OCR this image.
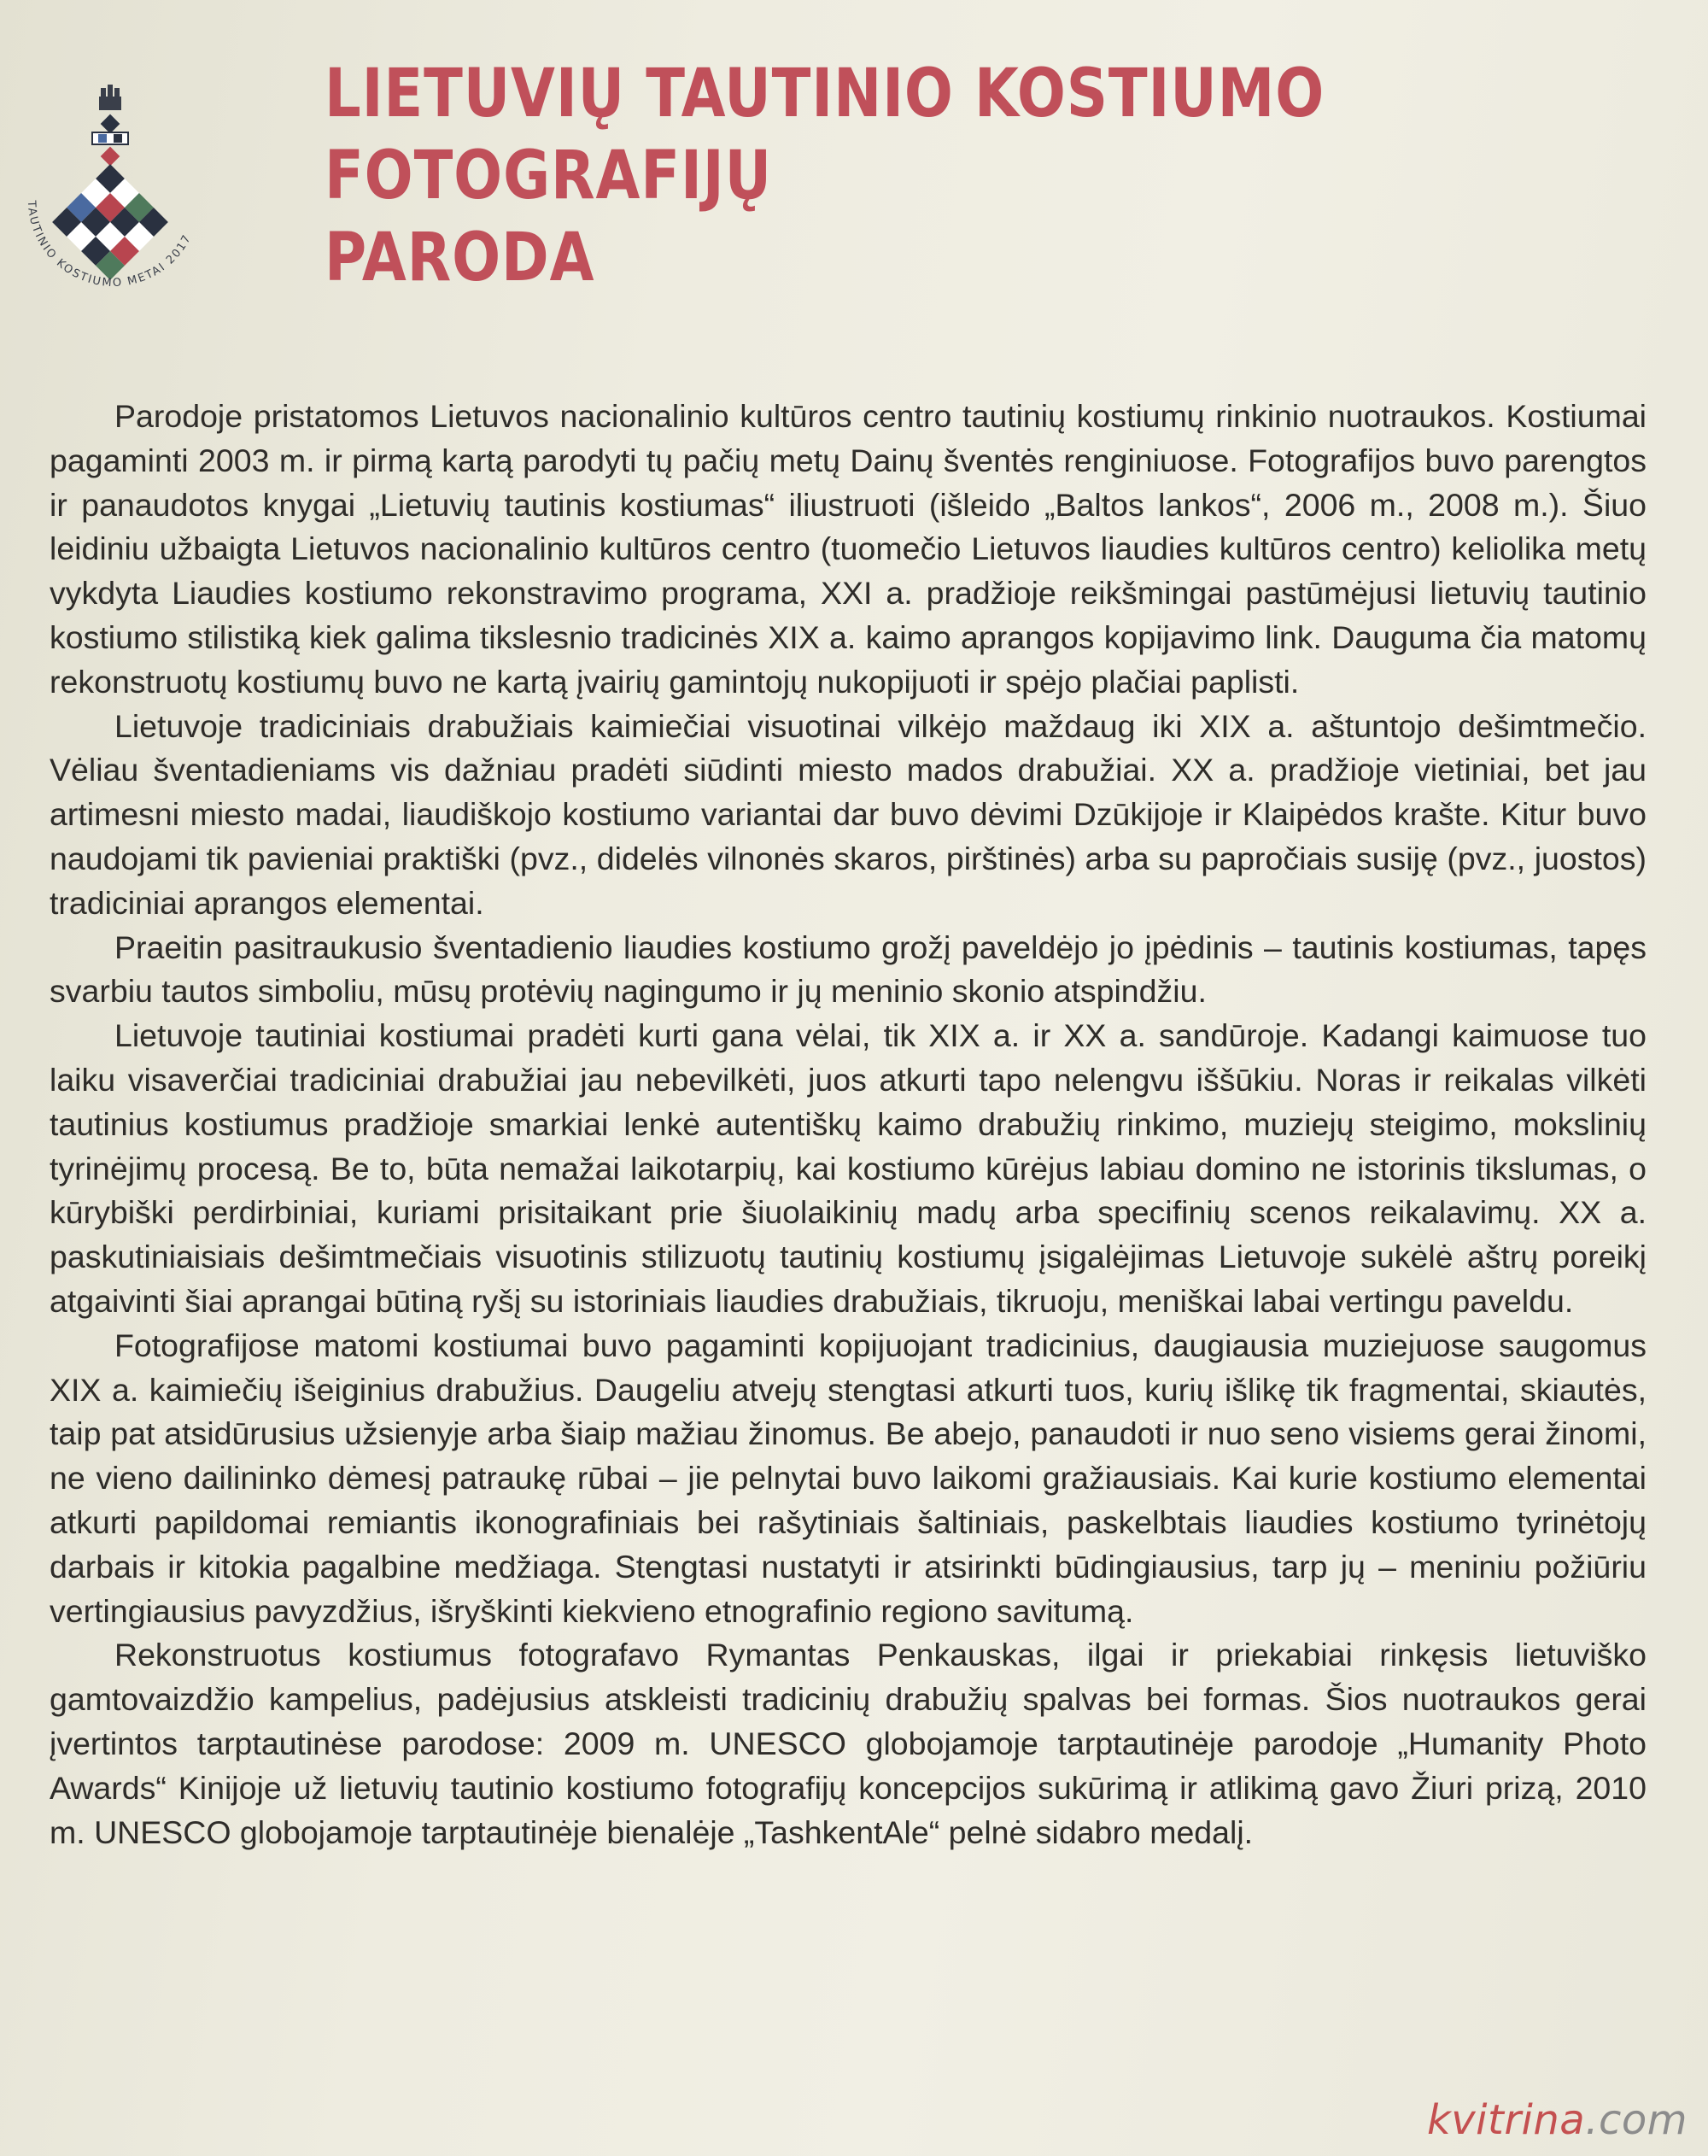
TAUTINIO KOSTIUMO METAI 2017
LIETUVIŲ TAUTINIO KOSTIUMO
FOTOGRAFIJŲ
PARODA

Parodoje pristatomos Lietuvos nacionalinio kultūros centro tautinių kostiumų rinkinio nuotraukos. Kostiumai pagaminti 2003 m. ir pirmą kartą parodyti tų pačių metų Dainų šventės renginiuose. Fotografijos buvo parengtos ir panaudotos knygai „Lietuvių tautinis kostiumas“ iliustruoti (išleido „Baltos lankos“, 2006 m., 2008 m.). Šiuo leidiniu užbaigta Lietuvos nacionalinio kultūros centro (tuomečio Lietuvos liaudies kultūros centro) keliolika metų vykdyta Liaudies kostiumo rekonstravimo programa, XXI a. pradžioje reikšmingai pastūmėjusi lietuvių tautinio kostiumo stilistiką kiek galima tikslesnio tradicinės XIX a. kaimo aprangos kopijavimo link. Dauguma čia matomų rekonstruotų kostiumų buvo ne kartą įvairių gamintojų nukopijuoti ir spėjo plačiai paplisti.

Lietuvoje tradiciniais drabužiais kaimiečiai visuotinai vilkėjo maždaug iki XIX a. aštuntojo dešimtmečio. Vėliau šventadieniams vis dažniau pradėti siūdinti miesto mados drabužiai. XX a. pradžioje vietiniai, bet jau artimesni miesto madai, liaudiškojo kostiumo variantai dar buvo dėvimi Dzūkijoje ir Klaipėdos krašte. Kitur buvo naudojami tik pavieniai praktiški (pvz., didelės vilnonės skaros, pirštinės) arba su papročiais susiję (pvz., juostos) tradiciniai aprangos elementai.

Praeitin pasitraukusio šventadienio liaudies kostiumo grožį paveldėjo jo įpėdinis – tautinis kostiumas, tapęs svarbiu tautos simboliu, mūsų protėvių nagingumo ir jų meninio skonio atspindžiu.

Lietuvoje tautiniai kostiumai pradėti kurti gana vėlai, tik XIX a. ir XX a. sandūroje. Kadangi kaimuose tuo laiku visaverčiai tradiciniai drabužiai jau nebevilkėti, juos atkurti tapo nelengvu iššūkiu. Noras ir reikalas vilkėti tautinius kostiumus pradžioje smarkiai lenkė autentiškų kaimo drabužių rinkimo, muziejų steigimo, mokslinių tyrinėjimų procesą. Be to, būta nemažai laikotarpių, kai kostiumo kūrėjus labiau domino ne istorinis tikslumas, o kūrybiški perdirbiniai, kuriami prisitaikant prie šiuolaikinių madų arba specifinių scenos reikalavimų. XX a. paskutiniaisiais dešimtmečiais visuotinis stilizuotų tautinių kostiumų įsigalėjimas Lietuvoje sukėlė aštrų poreikį atgaivinti šiai aprangai būtiną ryšį su istoriniais liaudies drabužiais, tikruoju, meniškai labai vertingu paveldu.

Fotografijose matomi kostiumai buvo pagaminti kopijuojant tradicinius, daugiausia muziejuose saugomus XIX a. kaimiečių išeiginius drabužius. Daugeliu atvejų stengtasi atkurti tuos, kurių išlikę tik fragmentai, skiautės, taip pat atsidūrusius užsienyje arba šiaip mažiau žinomus. Be abejo, panaudoti ir nuo seno visiems gerai žinomi, ne vieno dailininko dėmesį patraukę rūbai – jie pelnytai buvo laikomi gražiausiais. Kai kurie kostiumo elementai atkurti papildomai remiantis ikonografiniais bei rašytiniais šaltiniais, paskelbtais liaudies kostiumo tyrinėtojų darbais ir kitokia pagalbine medžiaga. Stengtasi nustatyti ir atsirinkti būdingiausius, tarp jų – meniniu požiūriu vertingiausius pavyzdžius, išryškinti kiekvieno etnografinio regiono savitumą.

Rekonstruotus kostiumus fotografavo Rymantas Penkauskas, ilgai ir priekabiai rinkęsis lietuviško gamtovaizdžio kampelius, padėjusius atskleisti tradicinių drabužių spalvas bei formas. Šios nuotraukos gerai įvertintos tarptautinėse parodose: 2009 m. UNESCO globojamoje tarptautinėje parodoje „Humanity Photo Awards“ Kinijoje už lietuvių tautinio kostiumo fotografijų koncepcijos sukūrimą ir atlikimą gavo Žiuri prizą, 2010 m. UNESCO globojamoje tarptautinėje bienalėje „TashkentAle“ pelnė sidabro medalį.

kvitrina.com
